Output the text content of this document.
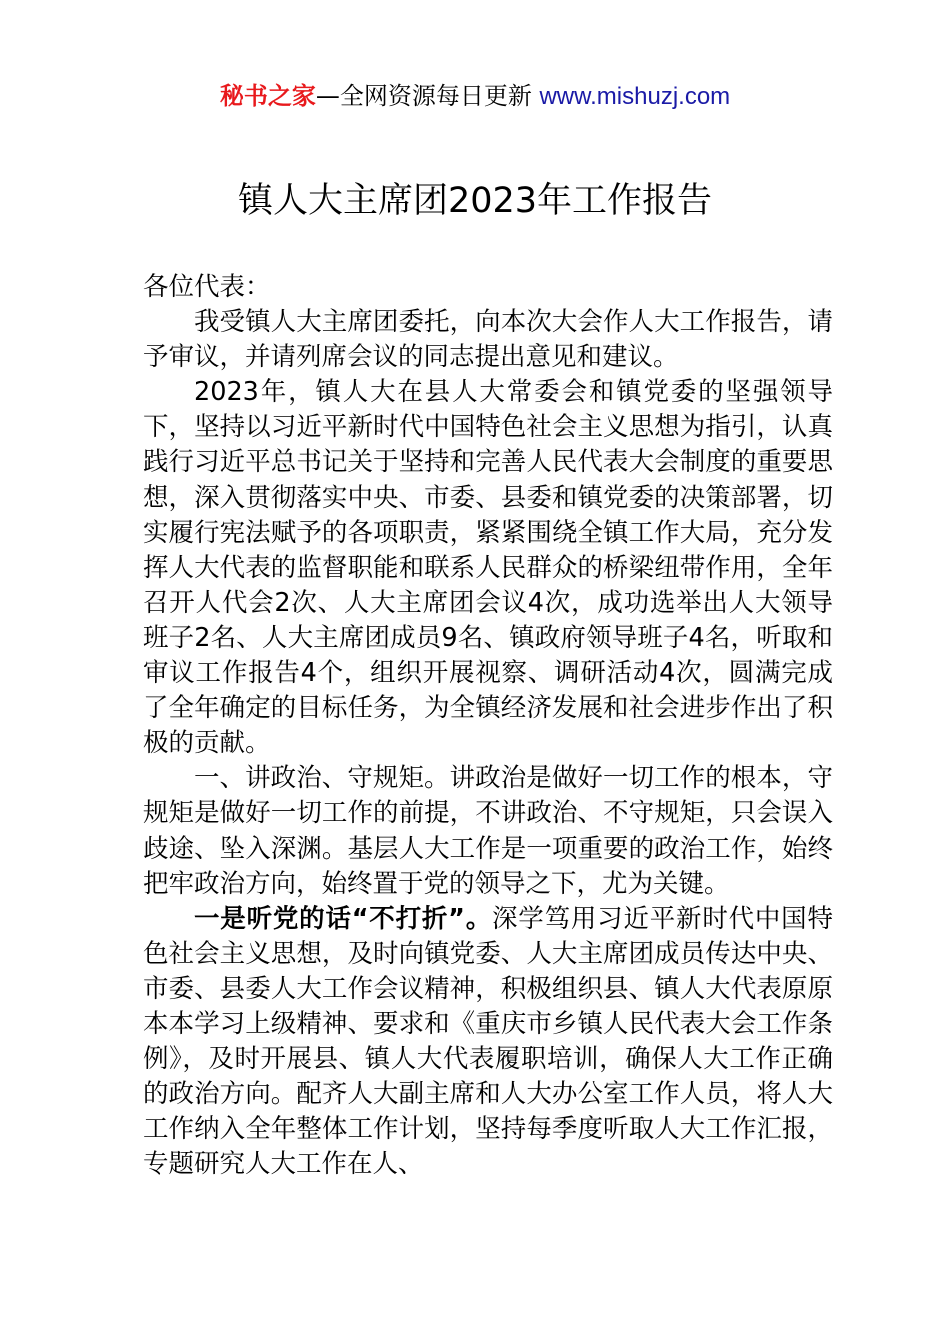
秘书之家—全网资源每日更新 www.mishuzj.com
镇人大主席团2023年工作报告

各位代表：

我受镇人大主席团委托，向本次大会作人大工作报告，请予审议，并请列席会议的同志提出意见和建议。

2023年，镇人大在县人大常委会和镇党委的坚强领导下，坚持以习近平新时代中国特色社会主义思想为指引，认真践行习近平总书记关于坚持和完善人民代表大会制度的重要思想，深入贯彻落实中央、市委、县委和镇党委的决策部署，切实履行宪法赋予的各项职责，紧紧围绕全镇工作大局，充分发挥人大代表的监督职能和联系人民群众的桥梁纽带作用，全年召开人代会2次、人大主席团会议4次，成功选举出人大领导班子2名、人大主席团成员9名、镇政府领导班子4名，听取和审议工作报告4个，组织开展视察、调研活动4次，圆满完成了全年确定的目标任务，为全镇经济发展和社会进步作出了积极的贡献。

一、讲政治、守规矩。讲政治是做好一切工作的根本，守规矩是做好一切工作的前提，不讲政治、不守规矩，只会误入歧途、坠入深渊。基层人大工作是一项重要的政治工作，始终把牢政治方向，始终置于党的领导之下，尤为关键。

一是听党的话“不打折”。深学笃用习近平新时代中国特色社会主义思想，及时向镇党委、人大主席团成员传达中央、市委、县委人大工作会议精神，积极组织县、镇人大代表原原本本学习上级精神、要求和《重庆市乡镇人民代表大会工作条例》，及时开展县、镇人大代表履职培训，确保人大工作正确的政治方向。配齐人大副主席和人大办公室工作人员，将人大工作纳入全年整体工作计划，坚持每季度听取人大工作汇报，专题研究人大工作在人、
